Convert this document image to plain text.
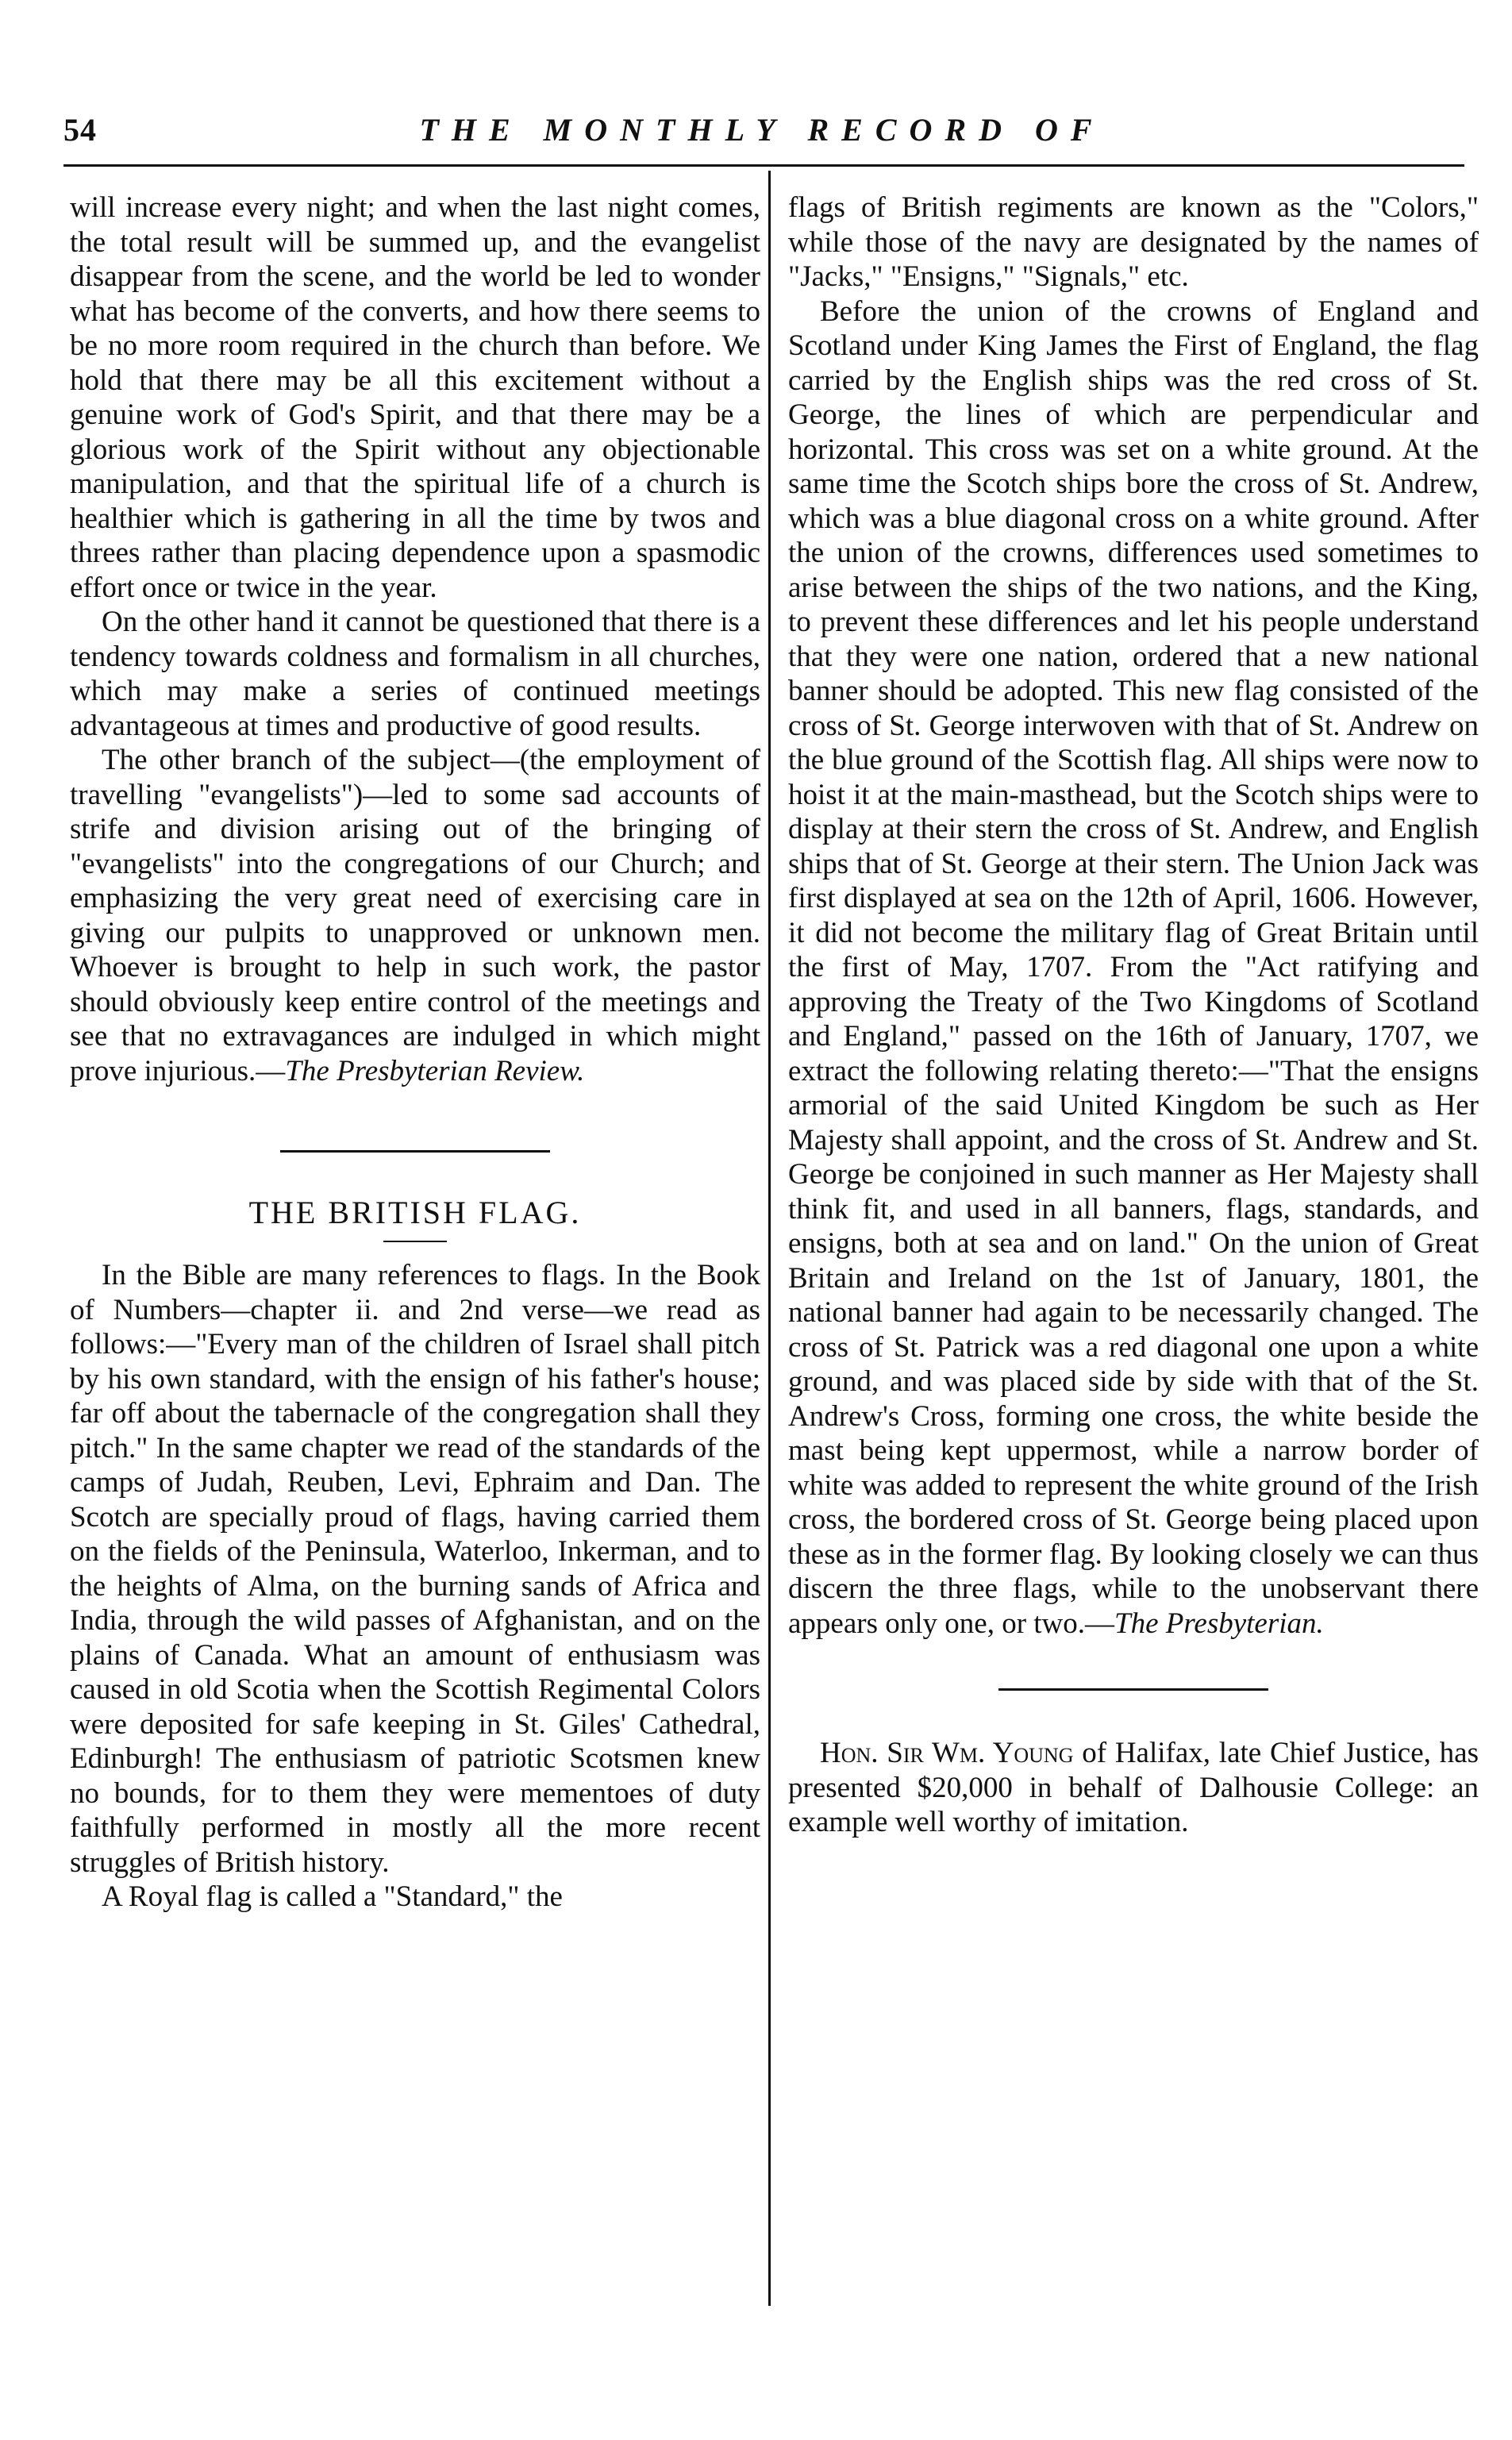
54	THE MONTHLY RECORD OF

will increase every night; and when the last night comes, the total result will be summed up, and the evangelist disappear from the scene, and the world be led to wonder what has become of the converts, and how there seems to be no more room required in the church than before. We hold that there may be all this excitement without a genuine work of God's Spirit, and that there may be a glorious work of the Spirit without any objectionable manipulation, and that the spiritual life of a church is healthier which is gathering in all the time by twos and threes rather than placing dependence upon a spasmodic effort once or twice in the year.

On the other hand it cannot be questioned that there is a tendency towards coldness and formalism in all churches, which may make a series of continued meetings advantageous at times and productive of good results.

The other branch of the subject—(the employment of travelling "evangelists")—led to some sad accounts of strife and division arising out of the bringing of "evangelists" into the congregations of our Church; and emphasizing the very great need of exercising care in giving our pulpits to unapproved or unknown men. Whoever is brought to help in such work, the pastor should obviously keep entire control of the meetings and see that no extravagances are indulged in which might prove injurious.—The Presbyterian Review.

THE BRITISH FLAG.

In the Bible are many references to flags. In the Book of Numbers—chapter ii. and 2nd verse—we read as follows:—"Every man of the children of Israel shall pitch by his own standard, with the ensign of his father's house; far off about the tabernacle of the congregation shall they pitch." In the same chapter we read of the standards of the camps of Judah, Reuben, Levi, Ephraim and Dan. The Scotch are specially proud of flags, having carried them on the fields of the Peninsula, Waterloo, Inkerman, and to the heights of Alma, on the burning sands of Africa and India, through the wild passes of Afghanistan, and on the plains of Canada. What an amount of enthusiasm was caused in old Scotia when the Scottish Regimental Colors were deposited for safe keeping in St. Giles' Cathedral, Edinburgh! The enthusiasm of patriotic Scotsmen knew no bounds, for to them they were mementoes of duty faithfully performed in mostly all the more recent struggles of British history.

A Royal flag is called a "Standard," the

flags of British regiments are known as the "Colors," while those of the navy are designated by the names of "Jacks," "Ensigns," "Signals," etc.

Before the union of the crowns of England and Scotland under King James the First of England, the flag carried by the English ships was the red cross of St. George, the lines of which are perpendicular and horizontal. This cross was set on a white ground. At the same time the Scotch ships bore the cross of St. Andrew, which was a blue diagonal cross on a white ground. After the union of the crowns, differences used sometimes to arise between the ships of the two nations, and the King, to prevent these differences and let his people understand that they were one nation, ordered that a new national banner should be adopted. This new flag consisted of the cross of St. George interwoven with that of St. Andrew on the blue ground of the Scottish flag. All ships were now to hoist it at the main-masthead, but the Scotch ships were to display at their stern the cross of St. Andrew, and English ships that of St. George at their stern. The Union Jack was first displayed at sea on the 12th of April, 1606. However, it did not become the military flag of Great Britain until the first of May, 1707. From the "Act ratifying and approving the Treaty of the Two Kingdoms of Scotland and England," passed on the 16th of January, 1707, we extract the following relating thereto:—"That the ensigns armorial of the said United Kingdom be such as Her Majesty shall appoint, and the cross of St. Andrew and St. George be conjoined in such manner as Her Majesty shall think fit, and used in all banners, flags, standards, and ensigns, both at sea and on land." On the union of Great Britain and Ireland on the 1st of January, 1801, the national banner had again to be necessarily changed. The cross of St. Patrick was a red diagonal one upon a white ground, and was placed side by side with that of the St. Andrew's Cross, forming one cross, the white beside the mast being kept uppermost, while a narrow border of white was added to represent the white ground of the Irish cross, the bordered cross of St. George being placed upon these as in the former flag. By looking closely we can thus discern the three flags, while to the unobservant there appears only one, or two.—The Presbyterian.

Hon. Sir Wm. Young of Halifax, late Chief Justice, has presented $20,000 in behalf of Dalhousie College: an example well worthy of imitation.
